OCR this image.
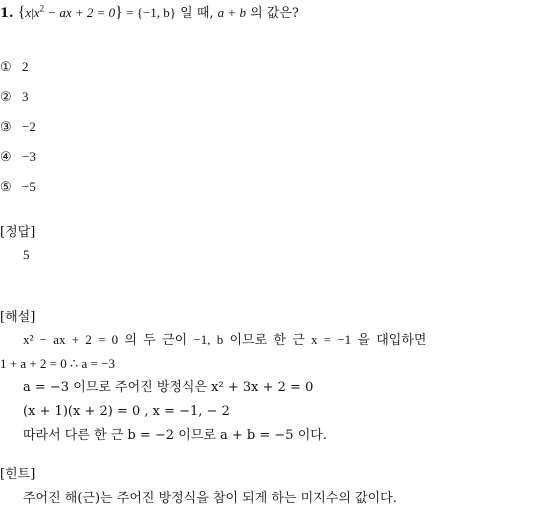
1. {$x|x^2$ − ax + 2 = 0} = {−1, b} 일 때, a + b 의 값은?
① 2
② 3
③ −2
④ −3
⑤ −5
[정답]
5
[해설]
x² − ax + 2 = 0 의 두 근이 −1, b 이므로 한 근 x = −1 을 대입하면
1 + a + 2 = 0 ∴ a = −3
a = −3 이므로 주어진 방정식은 x² + 3x + 2 = 0
(x + 1)(x + 2) = 0 , x = −1, − 2
따라서 다른 한 근 b = −2 이므로 a + b = −5 이다.
[힌트]
주어진 해(근)는 주어진 방정식을 참이 되게 하는 미지수의 값이다.
